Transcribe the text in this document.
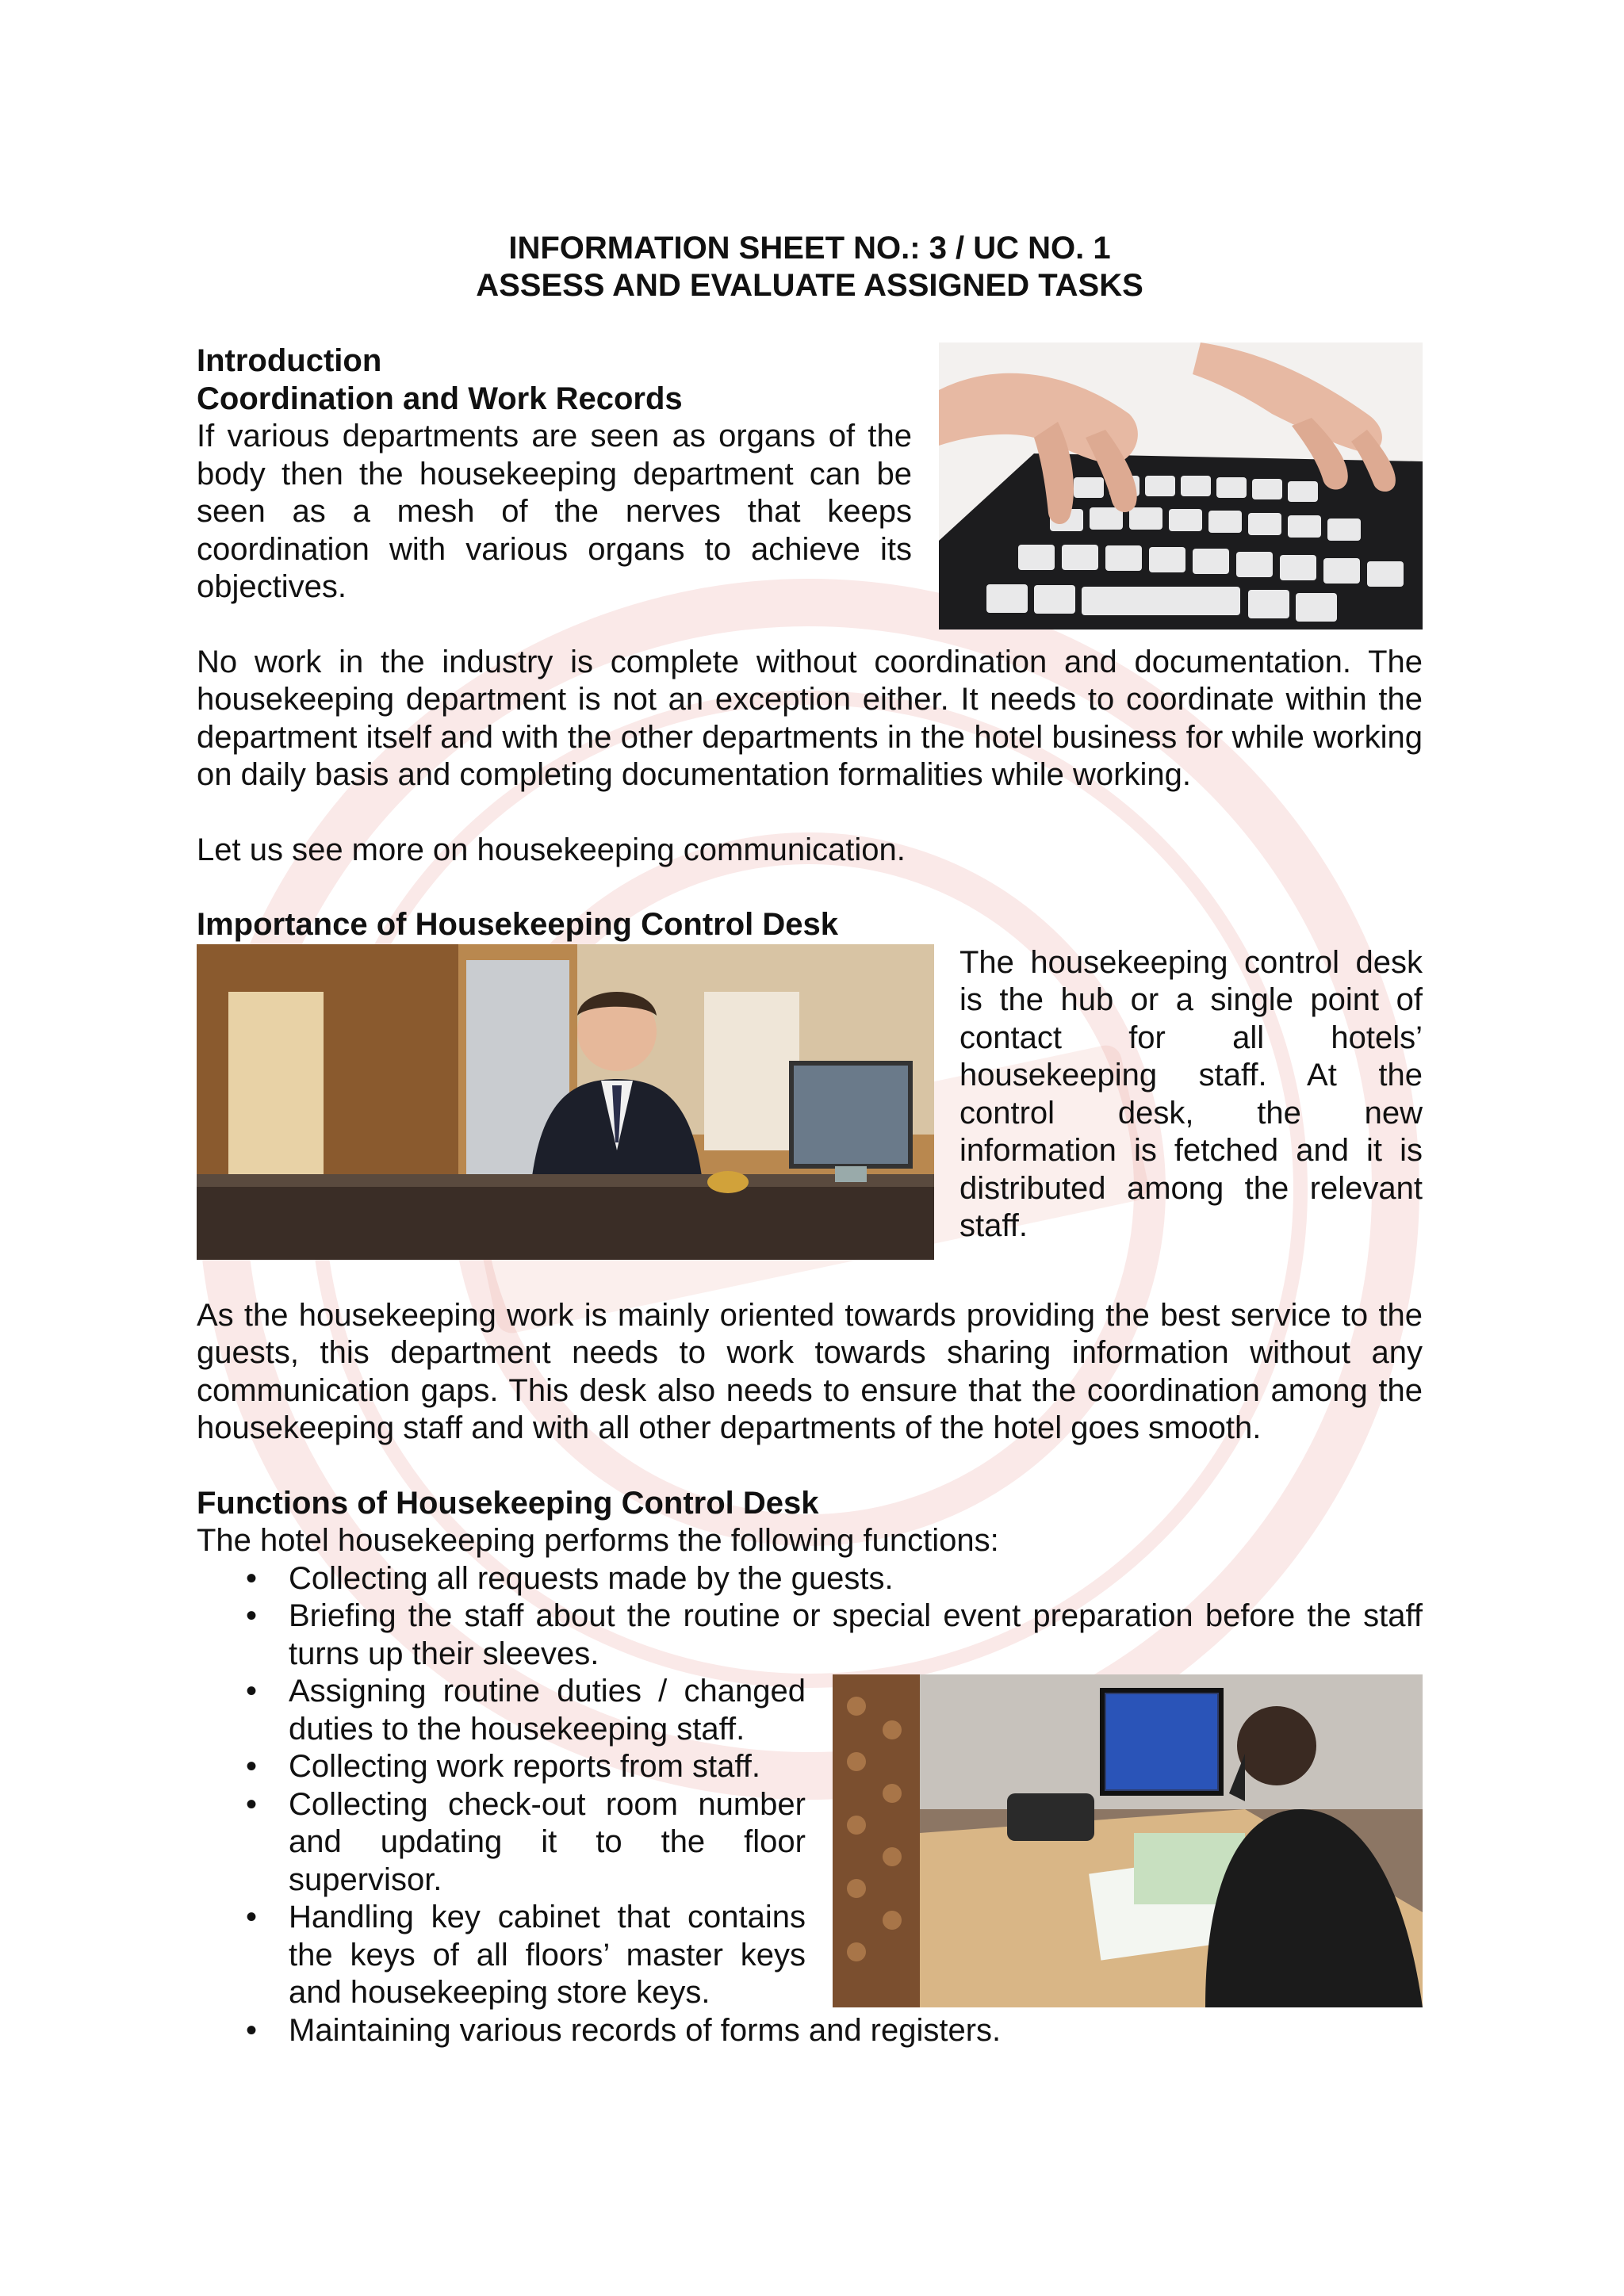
INFORMATION SHEET NO.: 3 / UC NO. 1
ASSESS AND EVALUATE ASSIGNED TASKS
Introduction
Coordination and Work Records

If various departments are seen as organs of the body then the housekeeping department can be seen as a mesh of the nerves that keeps coordination with various organs to achieve its objectives.

No work in the industry is complete without coordination and documentation. The housekeeping department is not an exception either. It needs to coordinate within the department itself and with the other departments in the hotel business for while working on daily basis and completing documentation formalities while working.

Let us see more on housekeeping communication.

Importance of Housekeeping Control Desk

The housekeeping control desk is the hub or a single point of contact for all hotels’ housekeeping staff. At the control desk, the new information is fetched and it is distributed among the relevant staff.

As the housekeeping work is mainly oriented towards providing the best service to the guests, this department needs to work towards sharing information without any communication gaps. This desk also needs to ensure that the coordination among the housekeeping staff and with all other departments of the hotel goes smooth.

Functions of Housekeeping Control Desk
The hotel housekeeping performs the following functions:
• Collecting all requests made by the guests.
• Briefing the staff about the routine or special event preparation before the staff turns up their sleeves.
• Assigning routine duties / changed duties to the housekeeping staff.
• Collecting work reports from staff.
• Collecting check-out room number and updating it to the floor supervisor.
• Handling key cabinet that contains the keys of all floors’ master keys and housekeeping store keys.
• Maintaining various records of forms and registers.
